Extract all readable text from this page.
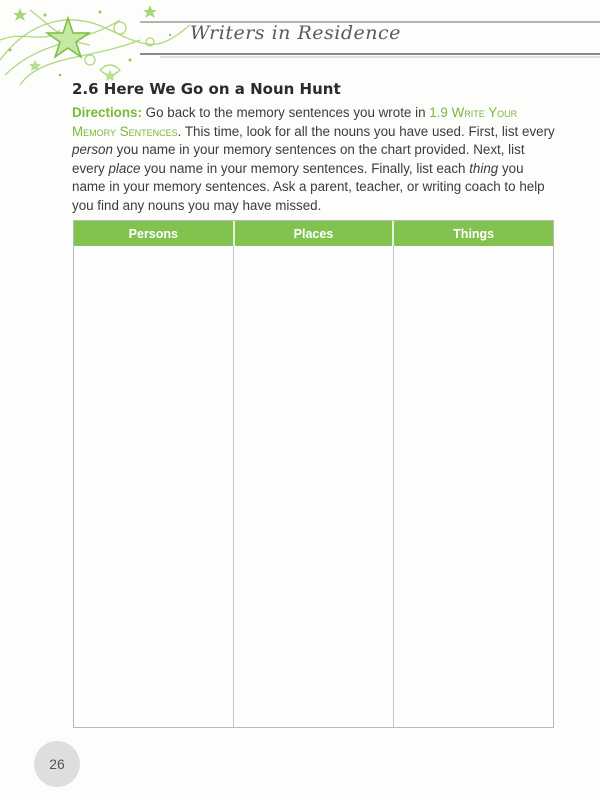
Writers in Residence
2.6 Here We Go on a Noun Hunt
Directions: Go back to the memory sentences you wrote in 1.9 Write Your Memory Sentences. This time, look for all the nouns you have used. First, list every person you name in your memory sentences on the chart provided. Next, list every place you name in your memory sentences. Finally, list each thing you name in your memory sentences. Ask a parent, teacher, or writing coach to help you find any nouns you may have missed.
Persons	Places	Things

26
